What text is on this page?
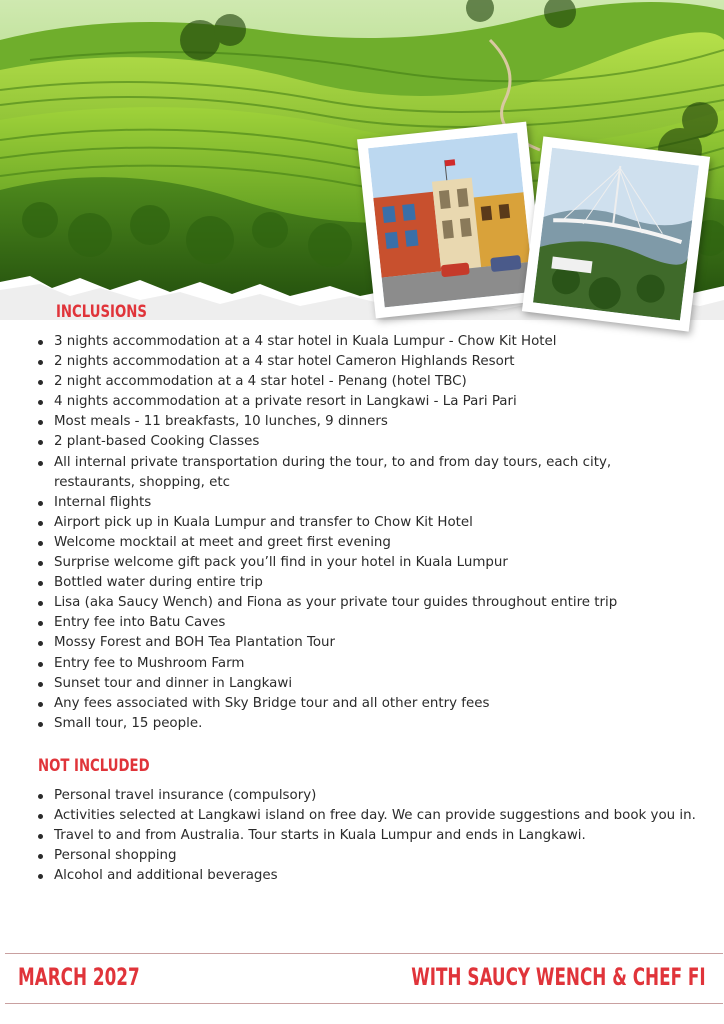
INCLUSIONS
3 nights accommodation at a 4 star hotel in Kuala Lumpur - Chow Kit Hotel
2 nights accommodation at a 4 star hotel Cameron Highlands Resort
2 night accommodation at a 4 star hotel - Penang (hotel TBC)
4 nights accommodation at a private resort in Langkawi - La Pari Pari
Most meals - 11 breakfasts, 10 lunches, 9 dinners
2 plant-based Cooking Classes
All internal private transportation during the tour, to and from day tours, each city, restaurants, shopping, etc
Internal flights
Airport pick up in Kuala Lumpur and transfer to Chow Kit Hotel
Welcome mocktail at meet and greet first evening
Surprise welcome gift pack you’ll find in your hotel in Kuala Lumpur
Bottled water during entire trip
Lisa (aka Saucy Wench) and Fiona as your private tour guides throughout entire trip
Entry fee into Batu Caves
Mossy Forest and BOH Tea Plantation Tour
Entry fee to Mushroom Farm
Sunset tour and dinner in Langkawi
Any fees associated with Sky Bridge tour and all other entry fees
Small tour, 15 people.
NOT INCLUDED
Personal travel insurance (compulsory)
Activities selected at Langkawi island on free day. We can provide suggestions and book you in.
Travel to and from Australia. Tour starts in Kuala Lumpur and ends in Langkawi.
Personal shopping
Alcohol and additional beverages

MARCH 2027	WITH SAUCY WENCH & CHEF FI
